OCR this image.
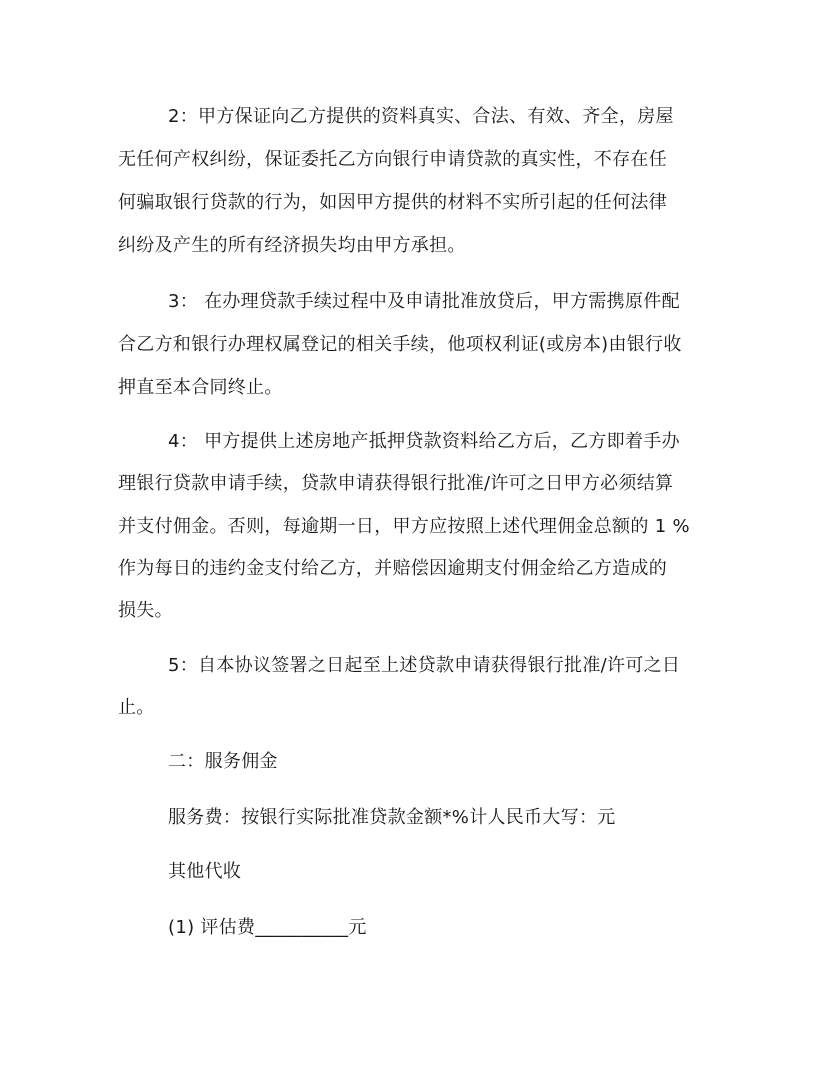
2：甲方保证向乙方提供的资料真实、合法、有效、齐全，房屋
无任何产权纠纷，保证委托乙方向银行申请贷款的真实性，不存在任
何骗取银行贷款的行为，如因甲方提供的材料不实所引起的任何法律
纠纷及产生的所有经济损失均由甲方承担。
3： 在办理贷款手续过程中及申请批准放贷后，甲方需携原件配
合乙方和银行办理权属登记的相关手续，他项权利证(或房本)由银行收
押直至本合同终止。
4： 甲方提供上述房地产抵押贷款资料给乙方后，乙方即着手办
理银行贷款申请手续，贷款申请获得银行批准/许可之日甲方必须结算
并支付佣金。否则，每逾期一日，甲方应按照上述代理佣金总额的 1 %
作为每日的违约金支付给乙方，并赔偿因逾期支付佣金给乙方造成的
损失。
5：自本协议签署之日起至上述贷款申请获得银行批准/许可之日
止。
二：服务佣金
服务费：按银行实际批准贷款金额*%计人民币大写：元
其他代收
(1) 评估费__________元
